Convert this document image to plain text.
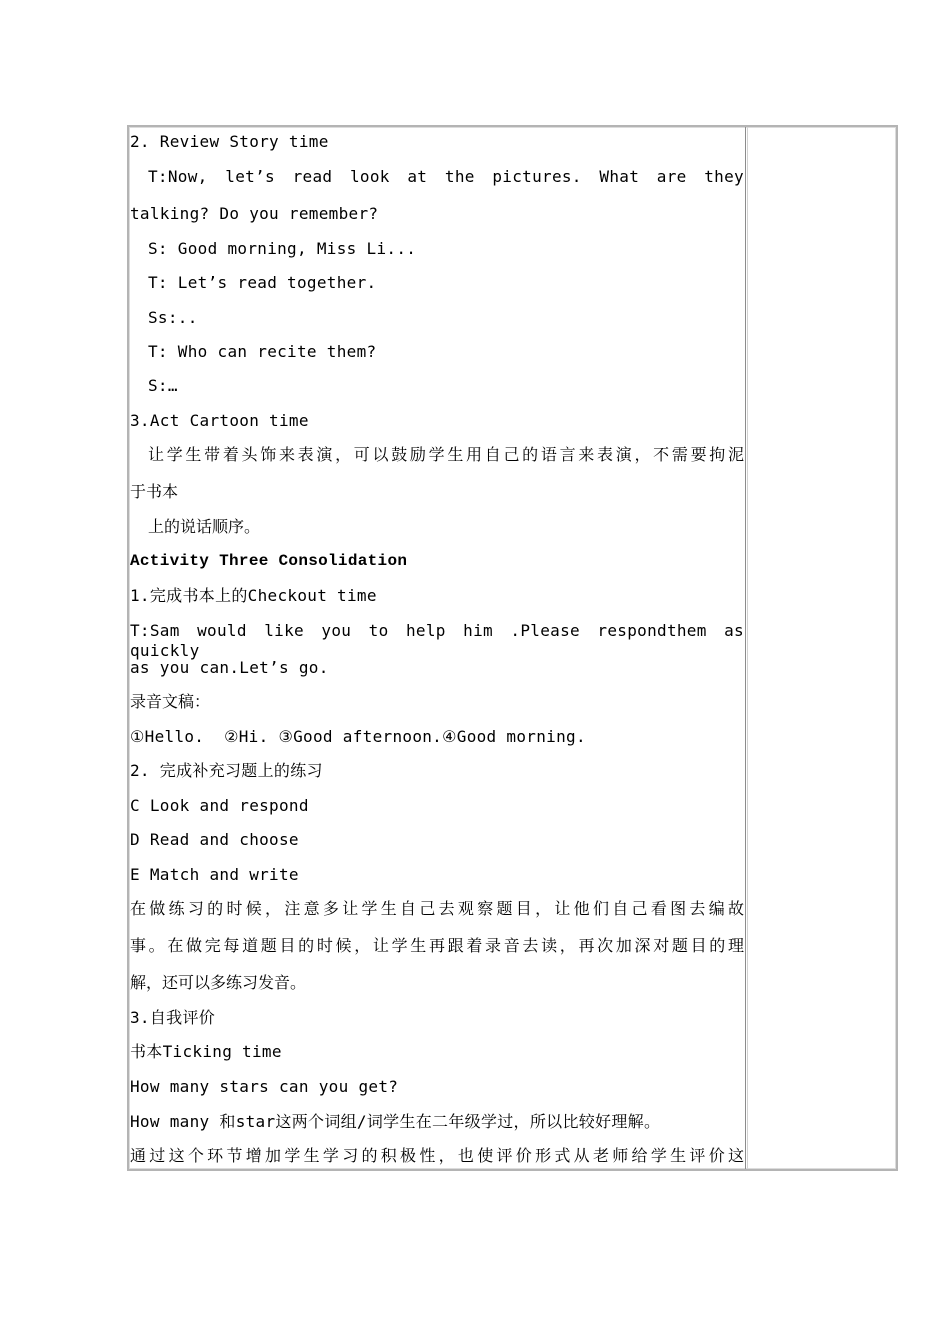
2. Review Story time
T:Now, let’s read look at the pictures. What are they
talking? Do you remember?
S: Good morning, Miss Li...
T: Let’s read together.
Ss:..
T: Who can recite them?
S:…
3.Act Cartoon time
让学生带着头饰来表演，可以鼓励学生用自己的语言来表演，不需要拘泥
于书本
上的说话顺序。
Activity Three Consolidation
1.完成书本上的Checkout time
T:Sam would like you to help him .Please respondthem as quickly
as you can.Let’s go.
录音文稿：
①Hello.  ②Hi. ③Good afternoon.④Good morning.
2. 完成补充习题上的练习
C Look and respond
D Read and choose
E Match and write
在做练习的时候，注意多让学生自己去观察题目，让他们自己看图去编故
事。在做完每道题目的时候，让学生再跟着录音去读，再次加深对题目的理
解，还可以多练习发音。
3.自我评价
书本Ticking time
How many stars can you get?
How many 和star这两个词组/词学生在二年级学过，所以比较好理解。
通过这个环节增加学生学习的积极性，也使评价形式从老师给学生评价这
